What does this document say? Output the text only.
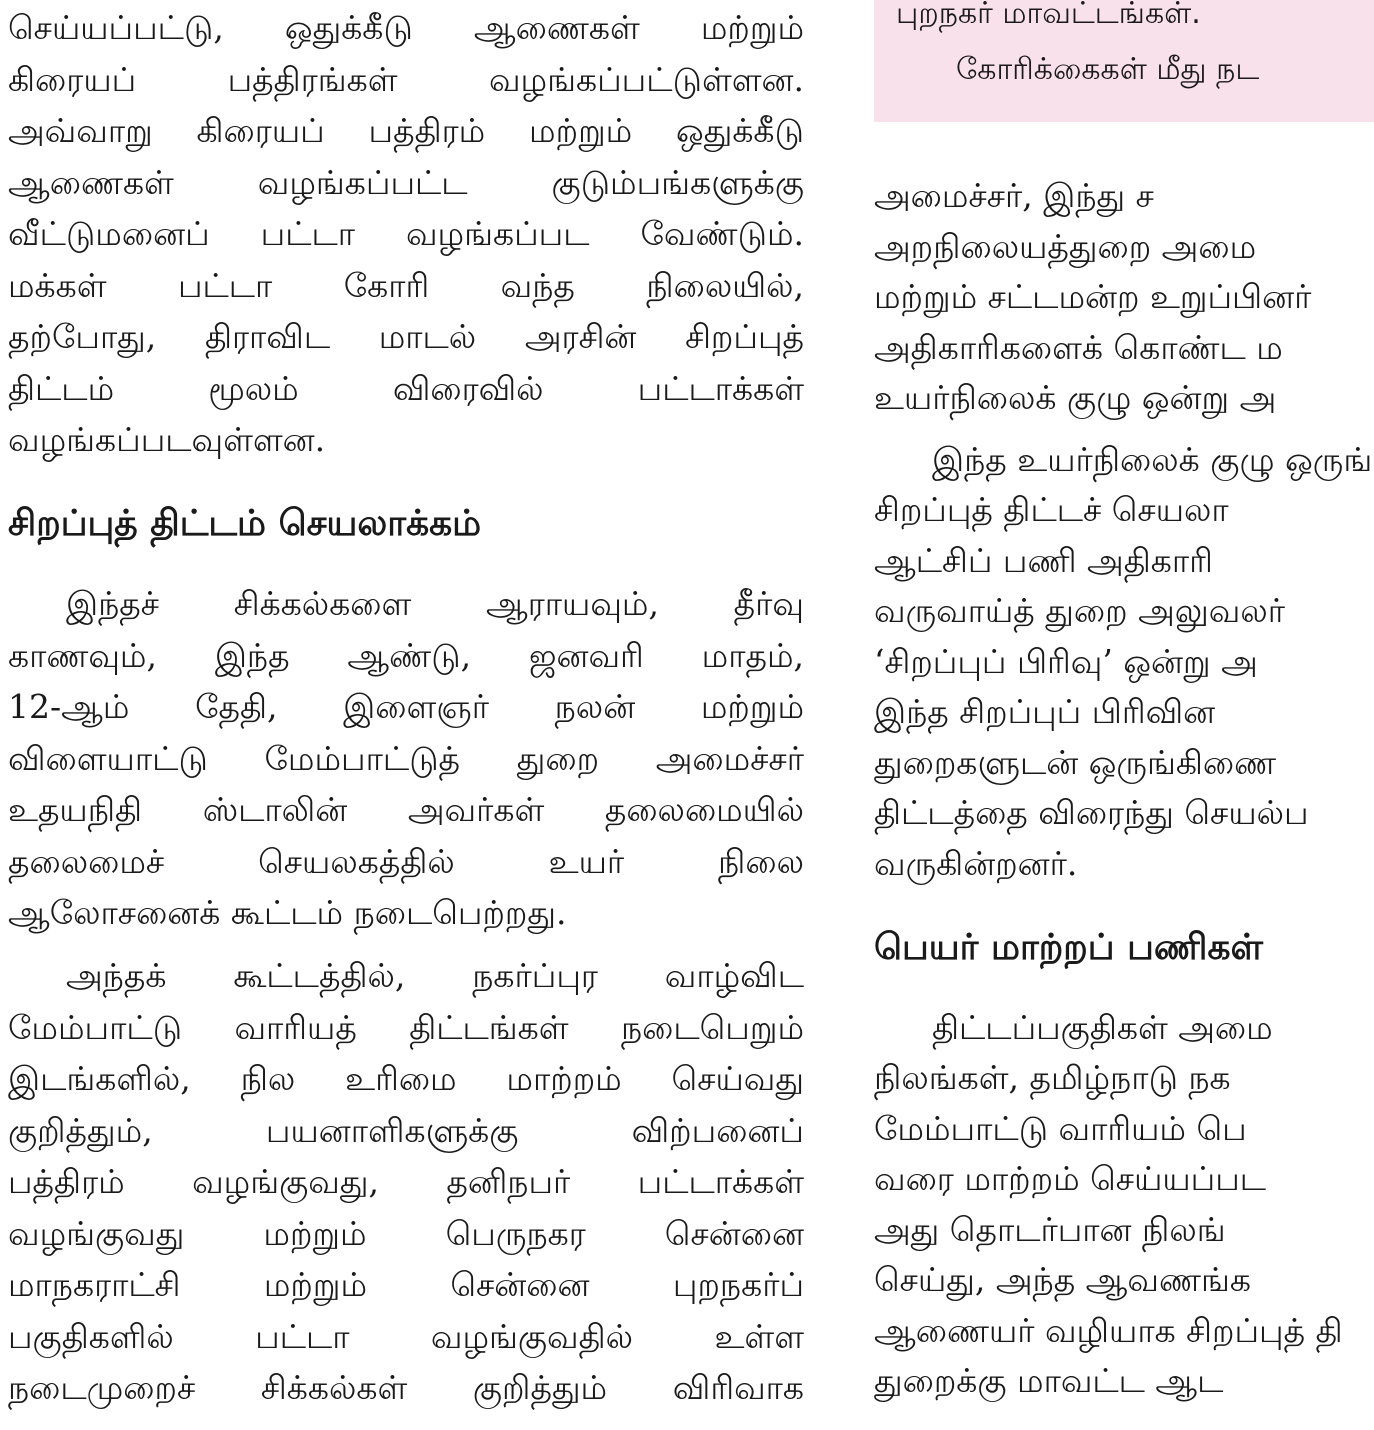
செய்யப்பட்டு, ஒதுக்கீடு ஆணைகள் மற்றும்
கிரையப் பத்திரங்கள் வழங்கப்பட்டுள்ளன.
அவ்வாறு கிரையப் பத்திரம் மற்றும் ஒதுக்கீடு
ஆணைகள் வழங்கப்பட்ட குடும்பங்களுக்கு
வீட்டுமனைப் பட்டா வழங்கப்பட வேண்டும்.
மக்கள் பட்டா கோரி வந்த நிலையில்,
தற்போது, திராவிட மாடல் அரசின் சிறப்புத்
திட்டம் மூலம் விரைவில் பட்டாக்கள்
வழங்கப்படவுள்ளன.
சிறப்புத் திட்டம் செயலாக்கம்
இந்தச் சிக்கல்களை ஆராயவும், தீர்வு
காணவும், இந்த ஆண்டு, ஜனவரி மாதம்,
12-ஆம் தேதி, இளைஞர் நலன் மற்றும்
விளையாட்டு மேம்பாட்டுத் துறை அமைச்சர்
உதயநிதி ஸ்டாலின் அவர்கள் தலைமையில்
தலைமைச் செயலகத்தில் உயர் நிலை
ஆலோசனைக் கூட்டம் நடைபெற்றது.
அந்தக் கூட்டத்தில், நகர்ப்புர வாழ்விட
மேம்பாட்டு வாரியத் திட்டங்கள் நடைபெறும்
இடங்களில், நில உரிமை மாற்றம் செய்வது
குறித்தும், பயனாளிகளுக்கு விற்பனைப்
பத்திரம் வழங்குவது, தனிநபர் பட்டாக்கள்
வழங்குவது மற்றும் பெருநகர சென்னை
மாநகராட்சி மற்றும் சென்னை புறநகர்ப்
பகுதிகளில் பட்டா வழங்குவதில் உள்ள
நடைமுறைச் சிக்கல்கள் குறித்தும் விரிவாக
புறநகர் மாவட்டங்கள்.
கோரிக்கைகள் மீது நட
அமைச்சர், இந்து ச
அறநிலையத்துறை அமை
மற்றும் சட்டமன்ற உறுப்பினர்
அதிகாரிகளைக் கொண்ட ம
உயர்நிலைக் குழு ஒன்று அ
இந்த உயர்நிலைக் குழு ஒருங்
சிறப்புத் திட்டச் செயலா
ஆட்சிப் பணி அதிகாரி
வருவாய்த் துறை அலுவலர்
‘சிறப்புப் பிரிவு’ ஒன்று அ
இந்த சிறப்புப் பிரிவின
துறைகளுடன் ஒருங்கிணை
திட்டத்தை விரைந்து செயல்ப
வருகின்றனர்.
பெயர் மாற்றப் பணிகள்
திட்டப்பகுதிகள் அமை
நிலங்கள், தமிழ்நாடு நக
மேம்பாட்டு வாரியம் பெ
வரை மாற்றம் செய்யப்பட
அது தொடர்பான நிலங்
செய்து, அந்த ஆவணங்க
ஆணையர் வழியாக சிறப்புத் தி
துறைக்கு மாவட்ட ஆட
